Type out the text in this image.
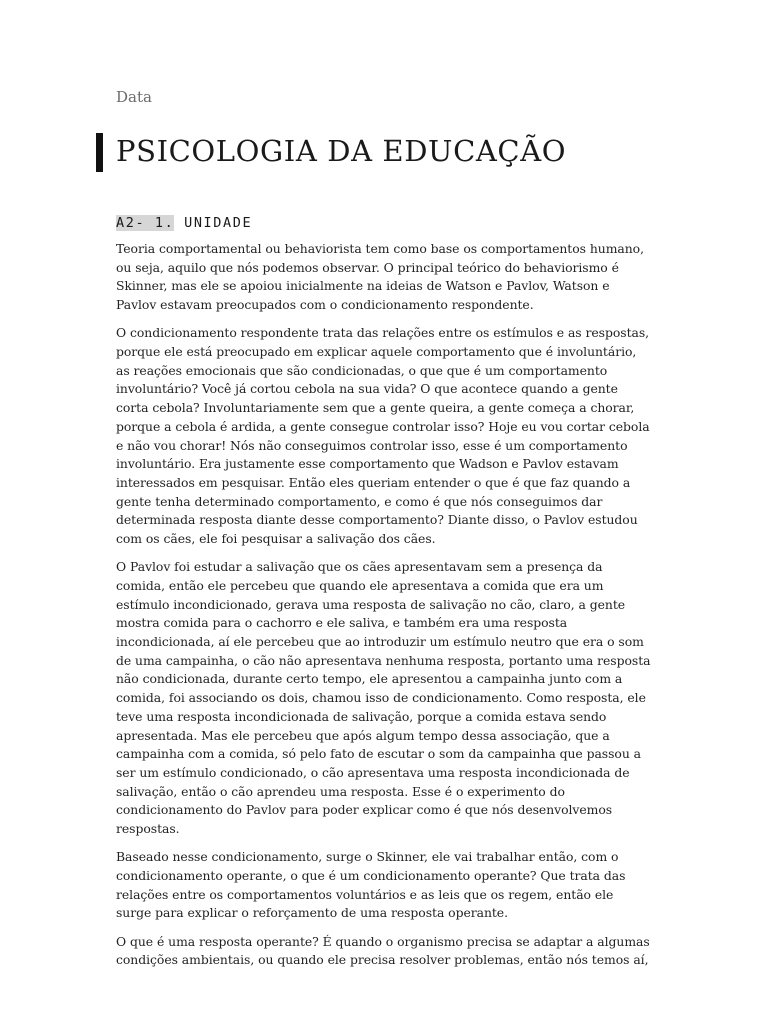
Data
PSICOLOGIA DA EDUCAÇÃO
A2- 1. UNIDADE

Teoria comportamental ou behaviorista tem como base os comportamentos humano, ou seja, aquilo que nós podemos observar. O principal teórico do behaviorismo é Skinner, mas ele se apoiou inicialmente na ideias de Watson e Pavlov, Watson e Pavlov estavam preocupados com o condicionamento respondente.

O condicionamento respondente trata das relações entre os estímulos e as respostas, porque ele está preocupado em explicar aquele comportamento que é involuntário, as reações emocionais que são condicionadas, o que que é um comportamento involuntário? Você já cortou cebola na sua vida? O que acontece quando a gente corta cebola? Involuntariamente sem que a gente queira, a gente começa a chorar, porque a cebola é ardida, a gente consegue controlar isso? Hoje eu vou cortar cebola e não vou chorar! Nós não conseguimos controlar isso, esse é um comportamento involuntário. Era justamente esse comportamento que Wadson e Pavlov estavam interessados em pesquisar. Então eles queriam entender o que é que faz quando a gente tenha determinado comportamento, e como é que nós conseguimos dar determinada resposta diante desse comportamento? Diante disso, o Pavlov estudou com os cães, ele foi pesquisar a salivação dos cães.

O Pavlov foi estudar a salivação que os cães apresentavam sem a presença da comida, então ele percebeu que quando ele apresentava a comida que era um estímulo incondicionado, gerava uma resposta de salivação no cão, claro, a gente mostra comida para o cachorro e ele saliva, e também era uma resposta incondicionada, aí ele percebeu que ao introduzir um estímulo neutro que era o som de uma campainha, o cão não apresentava nenhuma resposta, portanto uma resposta não condicionada, durante certo tempo, ele apresentou a campainha junto com a comida, foi associando os dois, chamou isso de condicionamento. Como resposta, ele teve uma resposta incondicionada de salivação, porque a comida estava sendo apresentada. Mas ele percebeu que após algum tempo dessa associação, que a campainha com a comida, só pelo fato de escutar o som da campainha que passou a ser um estímulo condicionado, o cão apresentava uma resposta incondicionada de salivação, então o cão aprendeu uma resposta. Esse é o experimento do condicionamento do Pavlov para poder explicar como é que nós desenvolvemos respostas.

Baseado nesse condicionamento, surge o Skinner, ele vai trabalhar então, com o condicionamento operante, o que é um condicionamento operante? Que trata das relações entre os comportamentos voluntários e as leis que os regem, então ele surge para explicar o reforçamento de uma resposta operante.

O que é uma resposta operante? É quando o organismo precisa se adaptar a algumas condições ambientais, ou quando ele precisa resolver problemas, então nós temos aí,
